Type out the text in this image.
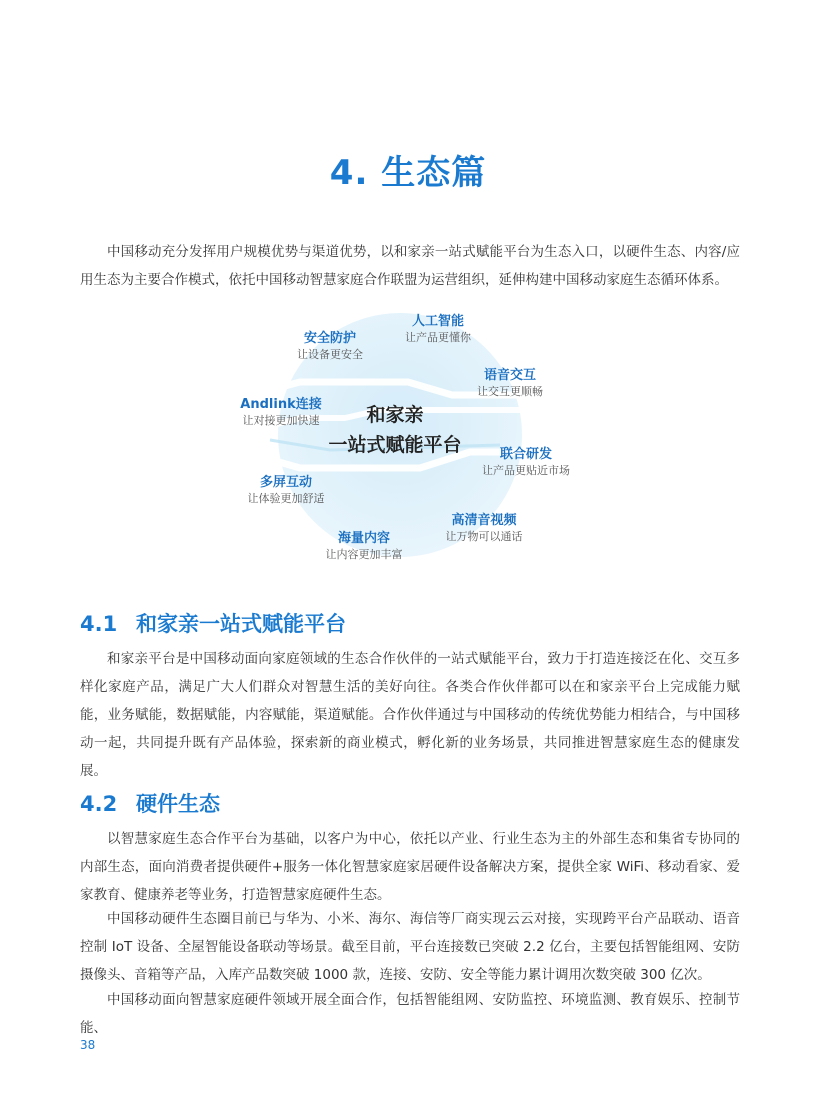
4. 生态篇

中国移动充分发挥用户规模优势与渠道优势，以和家亲一站式赋能平台为生态入口，以硬件生态、内容/应用生态为主要合作模式，依托中国移动智慧家庭合作联盟为运营组织，延伸构建中国移动家庭生态循环体系。

和家亲
一站式赋能平台
安全防护
让设备更安全
人工智能
让产品更懂你
语音交互
让交互更顺畅
Andlink连接
让对接更加快速
联合研发
让产品更贴近市场
多屏互动
让体验更加舒适
高清音视频
让万物可以通话
海量内容
让内容更加丰富
4.1 和家亲一站式赋能平台

和家亲平台是中国移动面向家庭领域的生态合作伙伴的一站式赋能平台，致力于打造连接泛在化、交互多样化家庭产品，满足广大人们群众对智慧生活的美好向往。各类合作伙伴都可以在和家亲平台上完成能力赋能，业务赋能，数据赋能，内容赋能，渠道赋能。合作伙伴通过与中国移动的传统优势能力相结合，与中国移动一起，共同提升既有产品体验，探索新的商业模式，孵化新的业务场景，共同推进智慧家庭生态的健康发展。

4.2 硬件生态

以智慧家庭生态合作平台为基础，以客户为中心，依托以产业、行业生态为主的外部生态和集省专协同的内部生态，面向消费者提供硬件+服务一体化智慧家庭家居硬件设备解决方案，提供全家 WiFi、移动看家、爱家教育、健康养老等业务，打造智慧家庭硬件生态。

中国移动硬件生态圈目前已与华为、小米、海尔、海信等厂商实现云云对接，实现跨平台产品联动、语音控制 IoT 设备、全屋智能设备联动等场景。截至目前，平台连接数已突破 2.2 亿台，主要包括智能组网、安防摄像头、音箱等产品，入库产品数突破 1000 款，连接、安防、安全等能力累计调用次数突破 300 亿次。

中国移动面向智慧家庭硬件领域开展全面合作，包括智能组网、安防监控、环境监测、教育娱乐、控制节能、

38
